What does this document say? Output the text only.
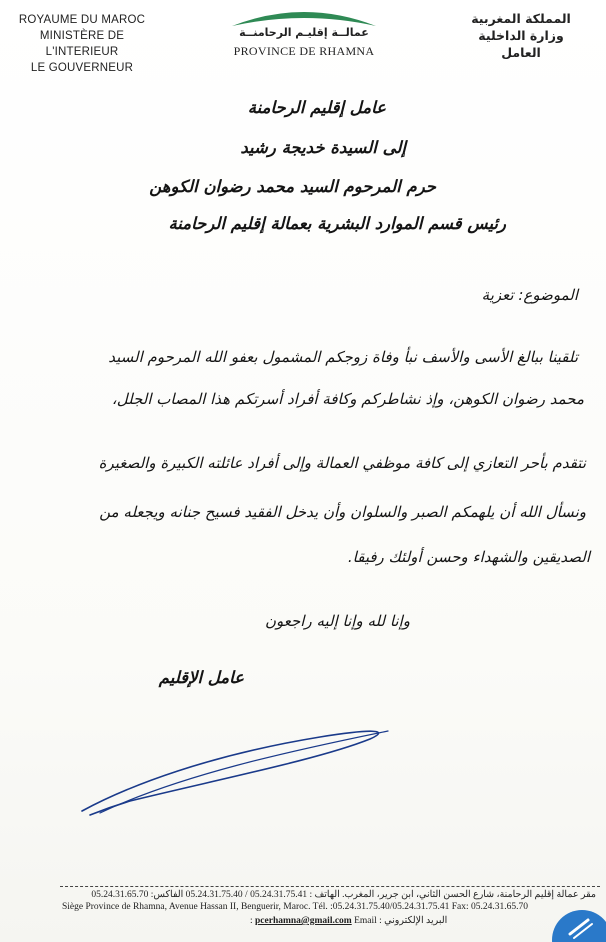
ROYAUME DU MAROC
MINISTÈRE DE L'INTERIEUR
LE GOUVERNEUR
عمالــة إقليـم الرحامنــة
PROVINCE DE RHAMNA
المملكة المغربية
وزارة الداخلية
العامل
عامل إقليم الرحامنة
إلى السيدة خديجة رشيد
حرم المرحوم السيد محمد رضوان الكوهن
رئيس قسم الموارد البشرية بعمالة إقليم الرحامنة
الموضوع: تعزية
تلقينا ببالغ الأسى والأسف نبأ وفاة زوجكم المشمول بعفو الله المرحوم السيد
محمد رضوان الكوهن، وإذ نشاطركم وكافة أفراد أسرتكم هذا المصاب الجلل،
نتقدم بأحر التعازي إلى كافة موظفي العمالة وإلى أفراد عائلته الكبيرة والصغيرة
ونسأل الله أن يلهمكم الصبر والسلوان وأن يدخل الفقيد فسيح جنانه ويجعله من
الصديقين والشهداء وحسن أولئك رفيقا.
وإنا لله وإنا إليه راجعون
عامل الإقليم
مقر عمالة إقليم الرحامنة، شارع الحسن الثاني، ابن جرير، المغرب. الهاتف : 05.24.31.75.41 / 05.24.31.75.40 الفاكس: 05.24.31.65.70
Siège Province de Rhamna, Avenue Hassan II, Benguerir, Maroc. Tél. :05.24.31.75.40/05.24.31.75.41 Fax: 05.24.31.65.70
البريد الإلكتروني : pcerhamna@gmail.com Email :
